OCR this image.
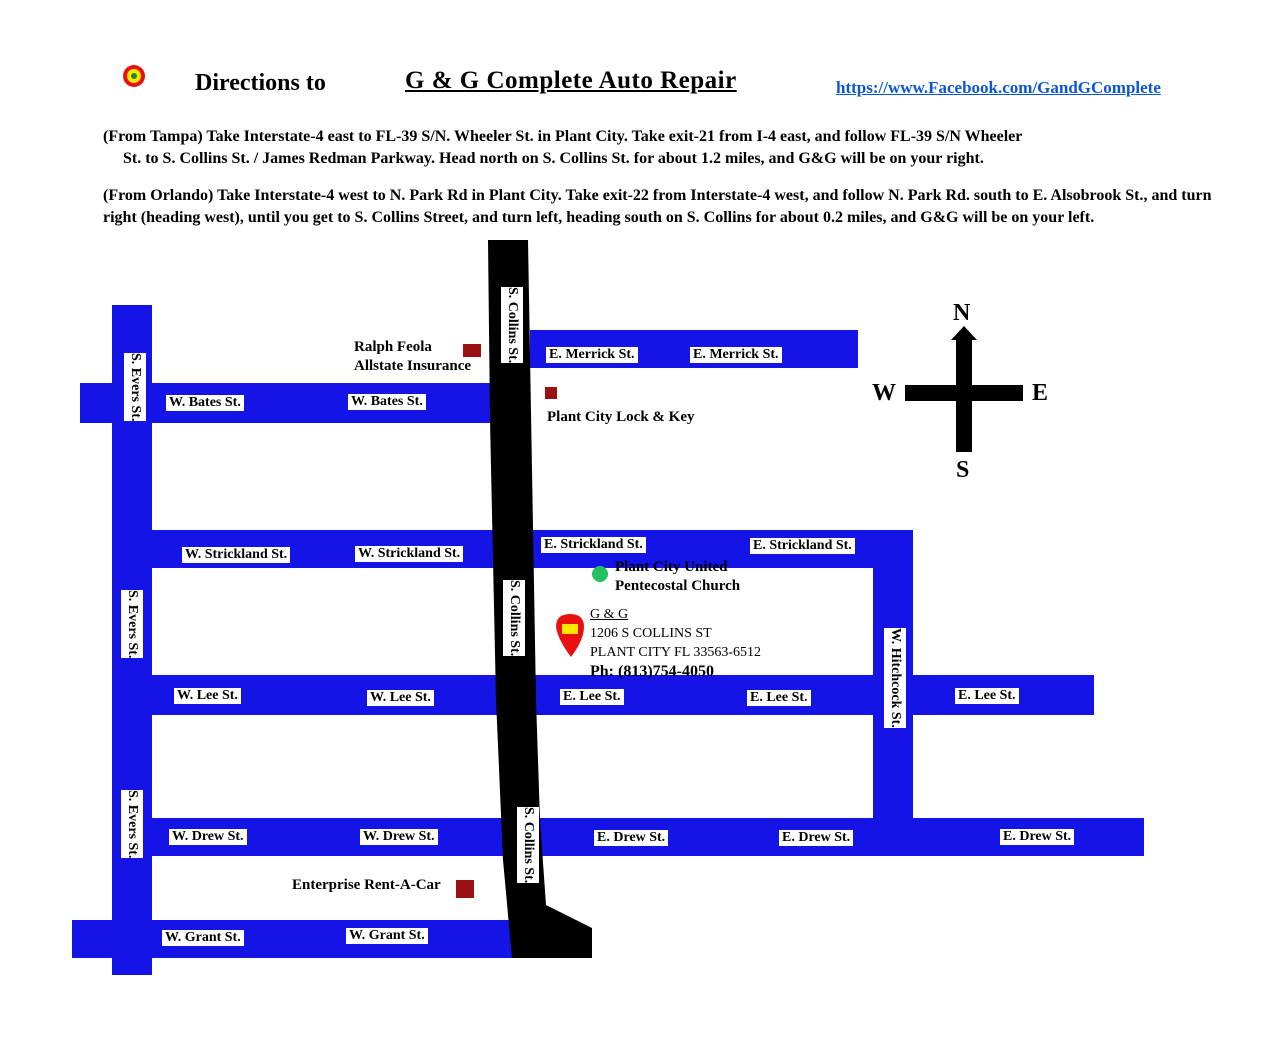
Directions to	G & G Complete Auto Repair	https://www.Facebook.com/GandGComplete
(From Tampa) Take Interstate-4 east to FL-39 S/N. Wheeler St. in Plant City. Take exit-21 from I-4 east, and follow FL-39 S/N Wheeler
St. to S. Collins St. / James Redman Parkway. Head north on S. Collins St. for about 1.2 miles, and G&G will be on your right.
(From Orlando) Take Interstate-4 west to N. Park Rd in Plant City. Take exit-22 from Interstate-4 west, and follow N. Park Rd. south to E. Alsobrook St., and turn right (heading west), until you get to S. Collins Street, and turn left, heading south on S. Collins for about 0.2 miles, and G&G will be on your left.
N
S
W	E
S. Collins St.
S. Collins St.
S. Collins St.
S. Evers St.
S. Evers St.
S. Evers St.
W. Hitchcock St.
E. Merrick St.	E. Merrick St.
W. Bates St.	W. Bates St.
W. Strickland St.	W. Strickland St.
E. Strickland St.	E. Strickland St.
W. Lee St.	W. Lee St.	E. Lee St.	E. Lee St.	E. Lee St.
W. Drew St.	W. Drew St.	E. Drew St.	E. Drew St.	E. Drew St.
W. Grant St.	W. Grant St.
Ralph Feola
Allstate Insurance
Plant City Lock & Key
Plant City United
Pentecostal Church
Enterprise Rent-A-Car
G & G
1206 S COLLINS ST
PLANT CITY FL 33563-6512
Ph: (813)754-4050
